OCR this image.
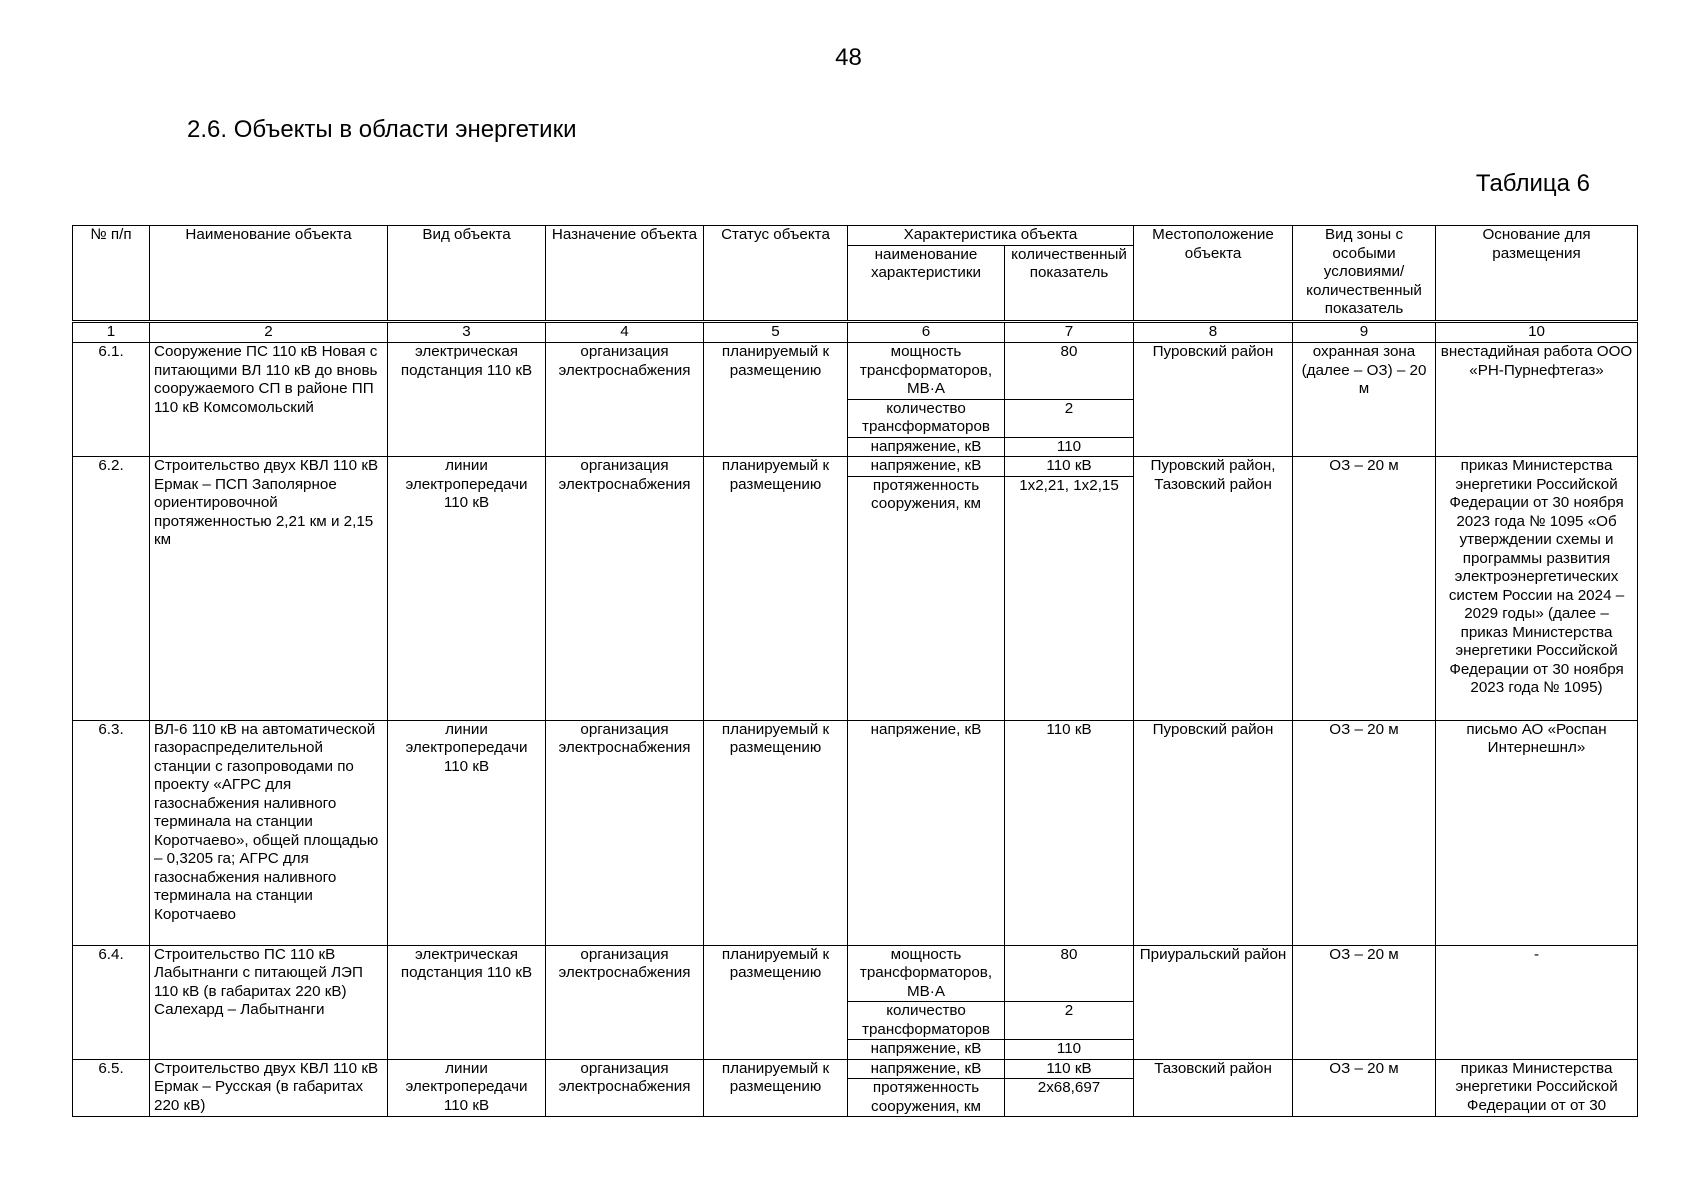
48
2.6. Объекты в области энергетики
Таблица 6
№ п/п	Наименование объекта	Вид объекта	Назначение объекта	Статус объекта	Характеристика объекта		Местоположение объекта	Вид зоны с особыми условиями/ количественный показатель	Основание для размещения
					наименование характеристики	количественный показатель			
1	2	3	4	5	6	7	8	9	10
6.1.	Сооружение ПС 110 кВ Новая с питающими ВЛ 110 кВ до вновь сооружаемого СП в районе ПП 110 кВ Комсомольский	электрическая подстанция 110 кВ	организация электроснабжения	планируемый к размещению	мощность трансформаторов, МВ·А	80	Пуровский район	охранная зона (далее – ОЗ) – 20 м	внестадийная работа ООО «РН-Пурнефтегаз»
					количество трансформаторов	2			
					напряжение, кВ	110			
6.2.	Строительство двух КВЛ 110 кВ Ермак – ПСП Заполярное ориентировочной протяженностью 2,21 км и 2,15 км	линии электропередачи 110 кВ	организация электроснабжения	планируемый к размещению	напряжение, кВ	110 кВ	Пуровский район, Тазовский район	ОЗ – 20 м	приказ Министерства энергетики Российской Федерации от 30 ноября 2023 года № 1095 «Об утверждении схемы и программы развития электроэнергетических систем России на 2024 – 2029 годы» (далее – приказ Министерства энергетики Российской Федерации от 30 ноября 2023 года № 1095)
					протяженность сооружения, км	1х2,21, 1х2,15			
6.3.	ВЛ-6 110 кВ на автоматической газораспределительной станции с газопроводами по проекту «АГРС для газоснабжения наливного терминала на станции Коротчаево», общей площадью – 0,3205 га; АГРС для газоснабжения наливного терминала на станции Коротчаево	линии электропередачи 110 кВ	организация электроснабжения	планируемый к размещению	напряжение, кВ	110 кВ	Пуровский район	ОЗ – 20 м	письмо АО «Роспан Интернешнл»
6.4.	Строительство ПС 110 кВ Лабытнанги с питающей ЛЭП 110 кВ (в габаритах 220 кВ) Салехард – Лабытнанги	электрическая подстанция 110 кВ	организация электроснабжения	планируемый к размещению	мощность трансформаторов, МВ·А	80	Приуральский район	ОЗ – 20 м	-
					количество трансформаторов	2			
					напряжение, кВ	110			
6.5.	Строительство двух КВЛ 110 кВ Ермак – Русская (в габаритах 220 кВ)	линии электропередачи 110 кВ	организация электроснабжения	планируемый к размещению	напряжение, кВ	110 кВ	Тазовский район	ОЗ – 20 м	приказ Министерства энергетики Российской Федерации от от 30
					протяженность сооружения, км	2х68,697			
